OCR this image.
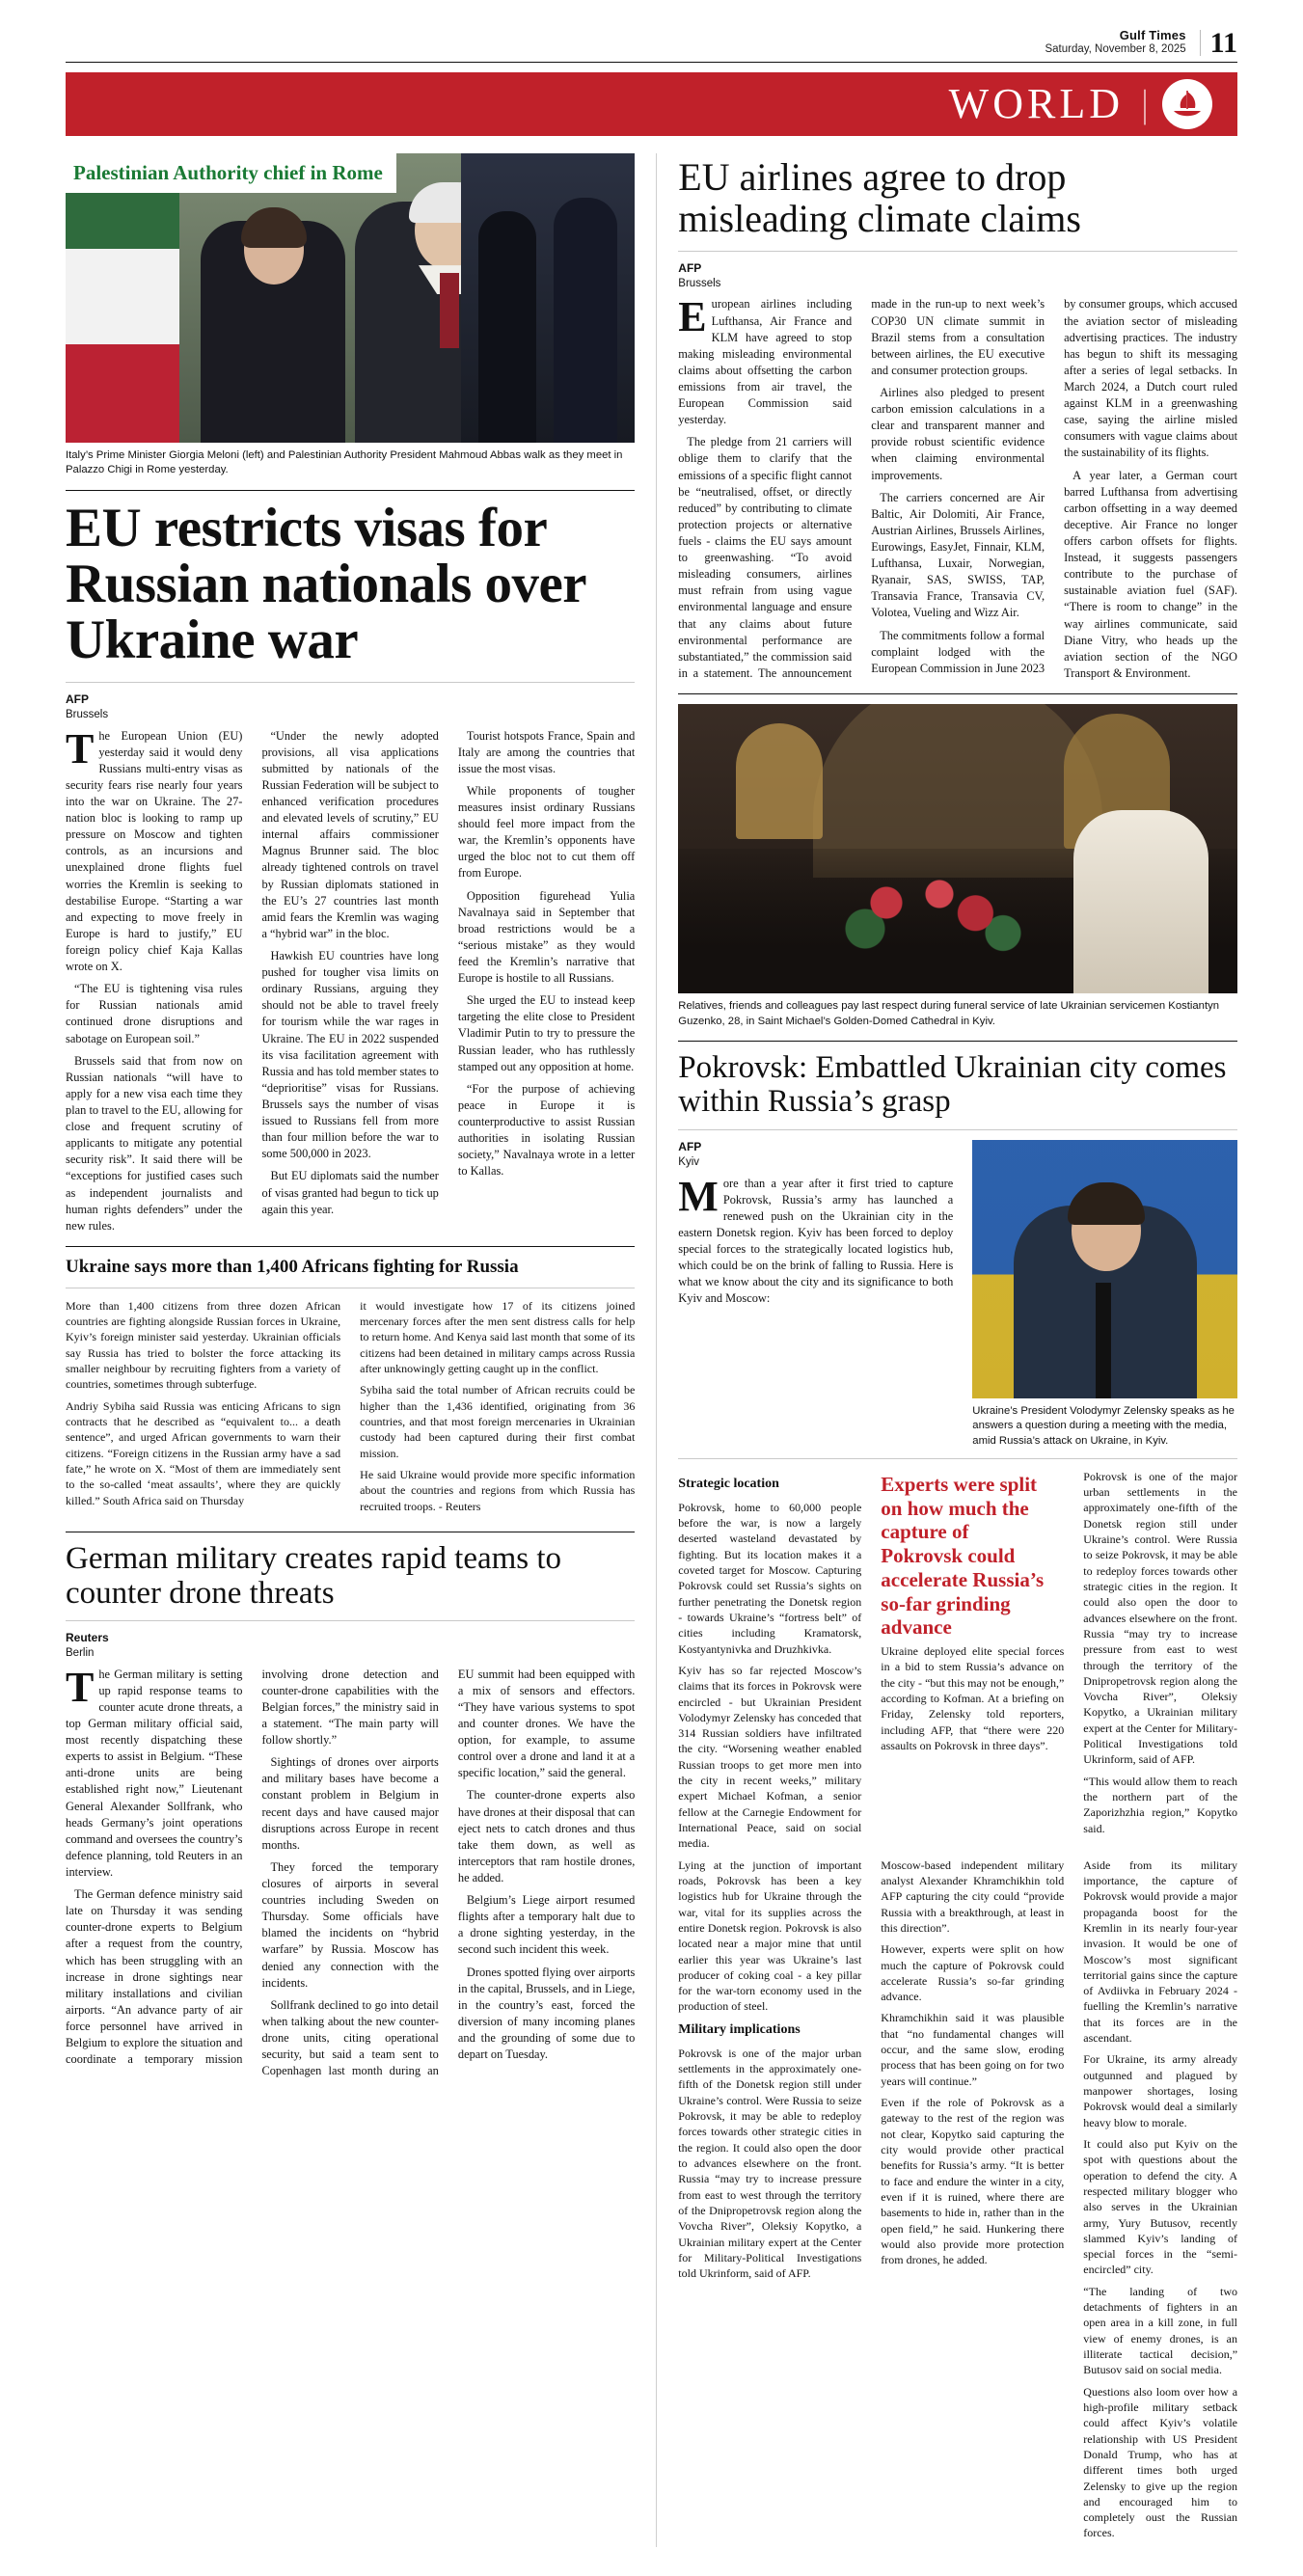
Gulf Times
Saturday, November 8, 2025 11
WORLD |
Palestinian Authority chief in Rome
Italy’s Prime Minister Giorgia Meloni (left) and Palestinian Authority President Mahmoud Abbas walk as they meet in Palazzo Chigi in Rome yesterday.
EU restricts visas for Russian nationals over Ukraine war
AFP
Brussels

The European Union (EU) yesterday said it would deny Russians multi-entry visas as security fears rise nearly four years into the war on Ukraine. The 27-nation bloc is looking to ramp up pressure on Moscow and tighten controls, as an incursions and unexplained drone flights fuel worries the Kremlin is seeking to destabilise Europe. “Starting a war and expecting to move freely in Europe is hard to justify,” EU foreign policy chief Kaja Kallas wrote on X.

“The EU is tightening visa rules for Russian nationals amid continued drone disruptions and sabotage on European soil.”

Brussels said that from now on Russian nationals “will have to apply for a new visa each time they plan to travel to the EU, allowing for close and frequent scrutiny of applicants to mitigate any potential security risk”. It said there will be “exceptions for justified cases such as independent journalists and human rights defenders” under the new rules.

“Under the newly adopted provisions, all visa applications submitted by nationals of the Russian Federation will be subject to enhanced verification procedures and elevated levels of scrutiny,” EU internal affairs commissioner Magnus Brunner said. The bloc already tightened controls on travel by Russian diplomats stationed in the EU’s 27 countries last month amid fears the Kremlin was waging a “hybrid war” in the bloc.

Hawkish EU countries have long pushed for tougher visa limits on ordinary Russians, arguing they should not be able to travel freely for tourism while the war rages in Ukraine. The EU in 2022 suspended its visa facilitation agreement with Russia and has told member states to “deprioritise” visas for Russians. Brussels says the number of visas issued to Russians fell from more than four million before the war to some 500,000 in 2023.

But EU diplomats said the number of visas granted had begun to tick up again this year.

Tourist hotspots France, Spain and Italy are among the countries that issue the most visas.

While proponents of tougher measures insist ordinary Russians should feel more impact from the war, the Kremlin’s opponents have urged the bloc not to cut them off from Europe.

Opposition figurehead Yulia Navalnaya said in September that broad restrictions would be a “serious mistake” as they would feed the Kremlin’s narrative that Europe is hostile to all Russians.

She urged the EU to instead keep targeting the elite close to President Vladimir Putin to try to pressure the Russian leader, who has ruthlessly stamped out any opposition at home.

“For the purpose of achieving peace in Europe it is counterproductive to assist Russian authorities in isolating Russian society,” Navalnaya wrote in a letter to Kallas.

Ukraine says more than 1,400 Africans fighting for Russia

More than 1,400 citizens from three dozen African countries are fighting alongside Russian forces in Ukraine, Kyiv’s foreign minister said yesterday. Ukrainian officials say Russia has tried to bolster the force attacking its smaller neighbour by recruiting fighters from a variety of countries, sometimes through subterfuge.

Andriy Sybiha said Russia was enticing Africans to sign contracts that he described as “equivalent to... a death sentence”, and urged African governments to warn their citizens. “Foreign citizens in the Russian army have a sad fate,” he wrote on X. “Most of them are immediately sent to the so-called ‘meat assaults’, where they are quickly killed.” South Africa said on Thursday

it would investigate how 17 of its citizens joined mercenary forces after the men sent distress calls for help to return home. And Kenya said last month that some of its citizens had been detained in military camps across Russia after unknowingly getting caught up in the conflict.

Sybiha said the total number of African recruits could be higher than the 1,436 identified, originating from 36 countries, and that most foreign mercenaries in Ukrainian custody had been captured during their first combat mission.

He said Ukraine would provide more specific information about the countries and regions from which Russia has recruited troops. - Reuters

German military creates rapid teams to counter drone threats
Reuters
Berlin

The German military is setting up rapid response teams to counter acute drone threats, a top German military official said, most recently dispatching these experts to assist in Belgium. “These anti-drone units are being established right now,” Lieutenant General Alexander Sollfrank, who heads Germany’s joint operations command and oversees the country’s defence planning, told Reuters in an interview.

The German defence ministry said late on Thursday it was sending counter-drone experts to Belgium after a request from the country, which has been struggling with an increase in drone sightings near military installations and civilian airports. “An advance party of air force personnel have arrived in Belgium to explore the situation and coordinate a temporary mission involving drone detection and counter-drone capabilities with the Belgian forces,” the ministry said in a statement. “The main party will follow shortly.”

Sightings of drones over airports and military bases have become a constant problem in Belgium in recent days and have caused major disruptions across Europe in recent months.

They forced the temporary closures of airports in several countries including Sweden on Thursday. Some officials have blamed the incidents on “hybrid warfare” by Russia. Moscow has denied any connection with the incidents.

Sollfrank declined to go into detail when talking about the new counter-drone units, citing operational security, but said a team sent to Copenhagen last month during an EU summit had been equipped with a mix of sensors and effectors. “They have various systems to spot and counter drones. We have the option, for example, to assume control over a drone and land it at a specific location,” said the general.

The counter-drone experts also have drones at their disposal that can eject nets to catch drones and thus take them down, as well as interceptors that ram hostile drones, he added.

Belgium’s Liege airport resumed flights after a temporary halt due to a drone sighting yesterday, in the second such incident this week.

Drones spotted flying over airports in the capital, Brussels, and in Liege, in the country’s east, forced the diversion of many incoming planes and the grounding of some due to depart on Tuesday.

EU airlines agree to drop misleading climate claims
AFP
Brussels

European airlines including Lufthansa, Air France and KLM have agreed to stop making misleading environmental claims about offsetting the carbon emissions from air travel, the European Commission said yesterday.

The pledge from 21 carriers will oblige them to clarify that the emissions of a specific flight cannot be “neutralised, offset, or directly reduced” by contributing to climate protection projects or alternative fuels - claims the EU says amount to greenwashing. “To avoid misleading consumers, airlines must refrain from using vague environmental language and ensure that any claims about future environmental performance are substantiated,” the commission said in a statement. The announcement made in the run-up to next week’s COP30 UN climate summit in Brazil stems from a consultation between airlines, the EU executive and consumer protection groups.

Airlines also pledged to present carbon emission calculations in a clear and transparent manner and provide robust scientific evidence when claiming environmental improvements.

The carriers concerned are Air Baltic, Air Dolomiti, Air France, Austrian Airlines, Brussels Airlines, Eurowings, EasyJet, Finnair, KLM, Lufthansa, Luxair, Norwegian, Ryanair, SAS, SWISS, TAP, Transavia France, Transavia CV, Volotea, Vueling and Wizz Air.

The commitments follow a formal complaint lodged with the European Commission in June 2023 by consumer groups, which accused the aviation sector of misleading advertising practices. The industry has begun to shift its messaging after a series of legal setbacks. In March 2024, a Dutch court ruled against KLM in a greenwashing case, saying the airline misled consumers with vague claims about the sustainability of its flights.

A year later, a German court barred Lufthansa from advertising carbon offsetting in a way deemed deceptive. Air France no longer offers carbon offsets for flights. Instead, it suggests passengers contribute to the purchase of sustainable aviation fuel (SAF). “There is room to change” in the way airlines communicate, said Diane Vitry, who heads up the aviation section of the NGO Transport & Environment.

Relatives, friends and colleagues pay last respect during funeral service of late Ukrainian servicemen Kostiantyn Guzenko, 28, in Saint Michael’s Golden-Domed Cathedral in Kyiv.
Pokrovsk: Embattled Ukrainian city comes within Russia’s grasp
AFP
Kyiv

More than a year after it first tried to capture Pokrovsk, Russia’s army has launched a renewed push on the Ukrainian city in the eastern Donetsk region. Kyiv has been forced to deploy special forces to the strategically located logistics hub, which could be on the brink of falling to Russia. Here is what we know about the city and its significance to both Kyiv and Moscow:

Ukraine’s President Volodymyr Zelensky speaks as he answers a question during a meeting with the media, amid Russia’s attack on Ukraine, in Kyiv.
Strategic location

Pokrovsk, home to 60,000 people before the war, is now a largely deserted wasteland devastated by fighting. But its location makes it a coveted target for Moscow. Capturing Pokrovsk could set Russia’s sights on further penetrating the Donetsk region - towards Ukraine’s “fortress belt” of cities including Kramatorsk, Kostyantynivka and Druzhkivka.

Kyiv has so far rejected Moscow’s claims that its forces in Pokrovsk were encircled - but Ukrainian President Volodymyr Zelensky has conceded that 314 Russian soldiers have infiltrated the city. “Worsening weather enabled Russian troops to get more men into the city in recent weeks,” military expert Michael Kofman, a senior fellow at the Carnegie Endowment for International Peace, said on social media.

Experts were split on how much the capture of Pokrovsk could accelerate Russia’s so-far grinding advance

Ukraine deployed elite special forces in a bid to stem Russia’s advance on the city - “but this may not be enough,” according to Kofman. At a briefing on Friday, Zelensky told reporters, including AFP, that “there were 220 assaults on Pokrovsk in three days”.

Pokrovsk is one of the major urban settlements in the approximately one-fifth of the Donetsk region still under Ukraine’s control. Were Russia to seize Pokrovsk, it may be able to redeploy forces towards other strategic cities in the region. It could also open the door to advances elsewhere on the front. Russia “may try to increase pressure from east to west through the territory of the Dnipropetrovsk region along the Vovcha River”, Oleksiy Kopytko, a Ukrainian military expert at the Center for Military-Political Investigations told Ukrinform, said of AFP.

“This would allow them to reach the northern part of the Zaporizhzhia region,” Kopytko said.

Lying at the junction of important roads, Pokrovsk has been a key logistics hub for Ukraine through the war, vital for its supplies across the entire Donetsk region. Pokrovsk is also located near a major mine that until earlier this year was Ukraine’s last producer of coking coal - a key pillar for the war-torn economy used in the production of steel.

Military implications

Pokrovsk is one of the major urban settlements in the approximately one-fifth of the Donetsk region still under Ukraine’s control. Were Russia to seize Pokrovsk, it may be able to redeploy forces towards other strategic cities in the region. It could also open the door to advances elsewhere on the front. Russia “may try to increase pressure from east to west through the territory of the Dnipropetrovsk region along the Vovcha River”, Oleksiy Kopytko, a Ukrainian military expert at the Center for Military-Political Investigations told Ukrinform, said of AFP.

Moscow-based independent military analyst Alexander Khramchikhin told AFP capturing the city could “provide Russia with a breakthrough, at least in this direction”.

However, experts were split on how much the capture of Pokrovsk could accelerate Russia’s so-far grinding advance.

Khramchikhin said it was plausible that “no fundamental changes will occur, and the same slow, eroding process that has been going on for two years will continue.”

Even if the role of Pokrovsk as a gateway to the rest of the region was not clear, Kopytko said capturing the city would provide other practical benefits for Russia’s army. “It is better to face and endure the winter in a city, even if it is ruined, where there are basements to hide in, rather than in the open field,” he said. Hunkering there would also provide more protection from drones, he added.

Aside from its military importance, the capture of Pokrovsk would provide a major propaganda boost for the Kremlin in its nearly four-year invasion. It would be one of Moscow’s most significant territorial gains since the capture of Avdiivka in February 2024 - fuelling the Kremlin’s narrative that its forces are in the ascendant.

For Ukraine, its army already outgunned and plagued by manpower shortages, losing Pokrovsk would deal a similarly heavy blow to morale.

It could also put Kyiv on the spot with questions about the operation to defend the city. A respected military blogger who also serves in the Ukrainian army, Yury Butusov, recently slammed Kyiv’s landing of special forces in the “semi-encircled” city.

“The landing of two detachments of fighters in an open area in a kill zone, in full view of enemy drones, is an illiterate tactical decision,” Butusov said on social media.

Questions also loom over how a high-profile military setback could affect Kyiv’s volatile relationship with US President Donald Trump, who has at different times both urged Zelensky to give up the region and encouraged him to completely oust the Russian forces.
